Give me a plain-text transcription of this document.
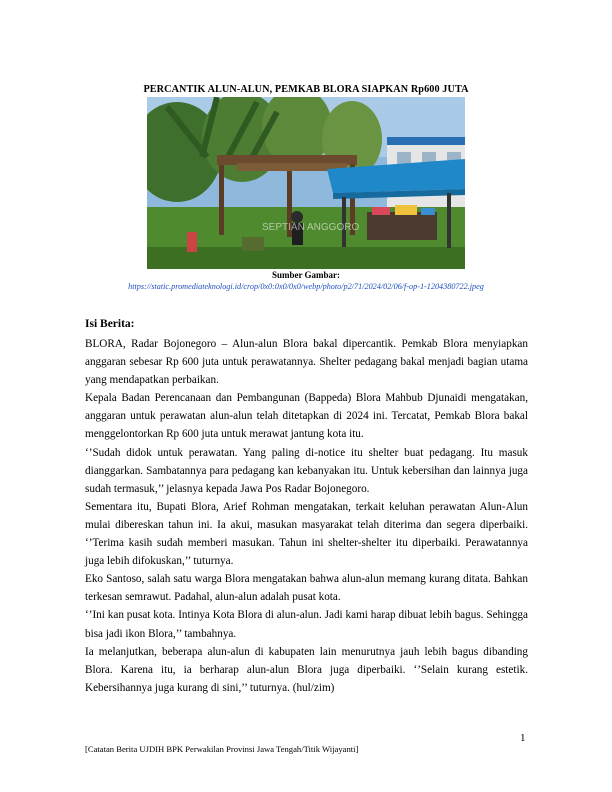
PERCANTIK ALUN-ALUN, PEMKAB BLORA SIAPKAN Rp600 JUTA
SEPTIAN ANGGORO
Sumber Gambar:
https://static.promediateknologi.id/crop/0x0:0x0/0x0/webp/photo/p2/71/2024/02/06/f-op-1-1204380722.jpeg
Isi Berita:

BLORA, Radar Bojonegoro – Alun-alun Blora bakal dipercantik. Pemkab Blora menyiapkan anggaran sebesar Rp 600 juta untuk perawatannya. Shelter pedagang bakal menjadi bagian utama yang mendapatkan perbaikan.

Kepala Badan Perencanaan dan Pembangunan (Bappeda) Blora Mahbub Djunaidi mengatakan, anggaran untuk perawatan alun-alun telah ditetapkan di 2024 ini. Tercatat, Pemkab Blora bakal menggelontorkan Rp 600 juta untuk merawat jantung kota itu.

‘’Sudah didok untuk perawatan. Yang paling di-notice itu shelter buat pedagang. Itu masuk dianggarkan. Sambatannya para pedagang kan kebanyakan itu. Untuk kebersihan dan lainnya juga sudah termasuk,’’ jelasnya kepada Jawa Pos Radar Bojonegoro.

Sementara itu, Bupati Blora, Arief Rohman mengatakan, terkait keluhan perawatan Alun-Alun mulai dibereskan tahun ini. Ia akui, masukan masyarakat telah diterima dan segera diperbaiki. ‘’Terima kasih sudah memberi masukan. Tahun ini shelter-shelter itu diperbaiki. Perawatannya juga lebih difokuskan,’’ tuturnya.

Eko Santoso, salah satu warga Blora mengatakan bahwa alun-alun memang kurang ditata. Bahkan terkesan semrawut. Padahal, alun-alun adalah pusat kota.

‘’Ini kan pusat kota. Intinya Kota Blora di alun-alun. Jadi kami harap dibuat lebih bagus. Sehingga bisa jadi ikon Blora,’’ tambahnya.

Ia melanjutkan, beberapa alun-alun di kabupaten lain menurutnya jauh lebih bagus dibanding Blora. Karena itu, ia berharap alun-alun Blora juga diperbaiki. ‘’Selain kurang estetik. Kebersihannya juga kurang di sini,’’ tuturnya. (hul/zim)

1
[Catatan Berita UJDIH BPK Perwakilan Provinsi Jawa Tengah/Titik Wijayanti]
